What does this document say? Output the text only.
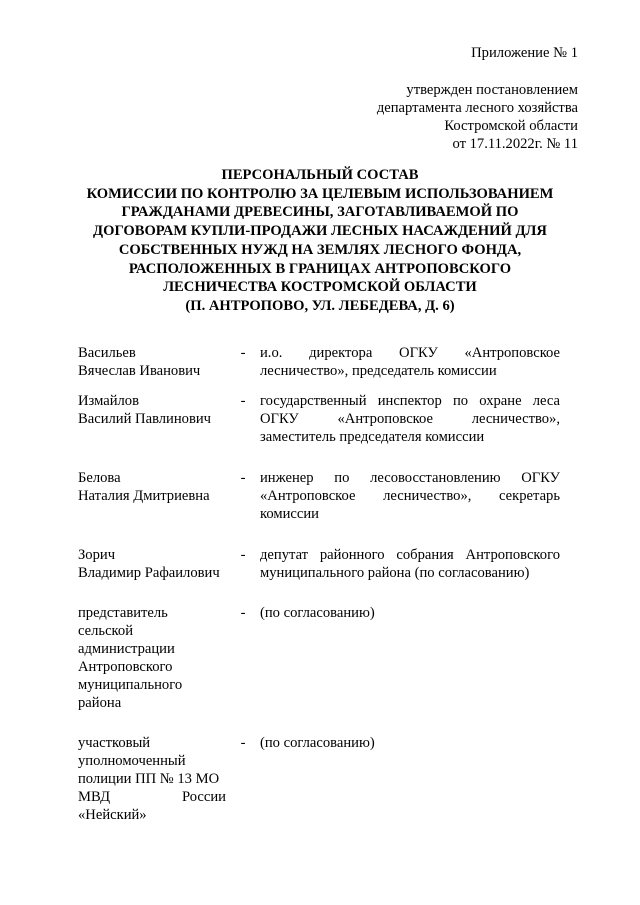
Приложение № 1
утвержден постановлением
департамента лесного хозяйства
Костромской области
от 17.11.2022г. № 11
ПЕРСОНАЛЬНЫЙ СОСТАВ
КОМИССИИ ПО КОНТРОЛЮ ЗА ЦЕЛЕВЫМ ИСПОЛЬЗОВАНИЕМ
ГРАЖДАНАМИ ДРЕВЕСИНЫ, ЗАГОТАВЛИВАЕМОЙ ПО
ДОГОВОРАМ КУПЛИ-ПРОДАЖИ ЛЕСНЫХ НАСАЖДЕНИЙ ДЛЯ
СОБСТВЕННЫХ НУЖД НА ЗЕМЛЯХ ЛЕСНОГО ФОНДА,
РАСПОЛОЖЕННЫХ В ГРАНИЦАХ АНТРОПОВСКОГО
ЛЕСНИЧЕСТВА КОСТРОМСКОЙ ОБЛАСТИ
(П. АНТРОПОВО, УЛ. ЛЕБЕДЕВА, Д. 6)
Васильев
Вячеслав Иванович
- и.о. директора ОГКУ «Антроповское лесничество», председатель комиссии
Измайлов
Василий Павлинович
- государственный инспектор по охране леса ОГКУ «Антроповское лесничество», заместитель председателя комиссии
Белова
Наталия Дмитриевна
- инженер по лесовосстановлению ОГКУ «Антроповское лесничество», секретарь комиссии
Зорич
Владимир Рафаилович
- депутат районного собрания Антроповского муниципального района (по согласованию)
представитель
сельской
администрации
Антроповского
муниципального
района
- (по согласованию)
участковый
уполномоченный
полиции ПП № 13 МО
МВД	России
«Нейский»
- (по согласованию)
